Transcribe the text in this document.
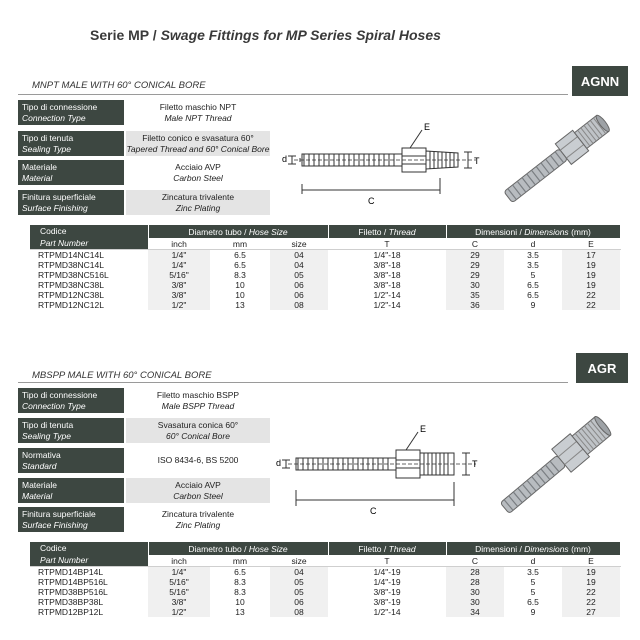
Serie MP / Swage Fittings for MP Series Spiral Hoses
MNPT MALE WITH 60° CONICAL BORE	AGNN
Tipo di connessione
Connection Type
Filetto maschio NPT
Male NPT Thread
Tipo di tenuta
Sealing Type
Filetto conico e svasatura 60°
Tapered Thread and 60° Conical Bore
Materiale
Material
Acciaio AVP
Carbon Steel
Finitura superficiale
Surface Finishing
Zincatura trivalente
Zinc Plating
E
d	T
C
Codice	Diametro tubo / Hose Size			Filetto / Thread	Dimensioni / Dimensions (mm)		
Part Number	inch	mm	size	T	C	d	E
RTPMD14NC14L	1/4"	6.5	04	1/4"-18	29	3.5	17
RTPMD38NC14L	1/4"	6.5	04	3/8"-18	29	3.5	19
RTPMD38NC516L	5/16"	8.3	05	3/8"-18	29	5	19
RTPMD38NC38L	3/8"	10	06	3/8"-18	30	6.5	19
RTPMD12NC38L	3/8"	10	06	1/2"-14	35	6.5	22
RTPMD12NC12L	1/2"	13	08	1/2"-14	36	9	22
MBSPP MALE WITH 60° CONICAL BORE	AGR
Tipo di connessione
Connection Type
Filetto maschio BSPP
Male BSPP Thread
Tipo di tenuta
Sealing Type
Svasatura conica 60°
60° Conical Bore
Normativa
Standard
ISO 8434-6, BS 5200
Materiale
Material
Acciaio AVP
Carbon Steel
Finitura superficiale
Surface Finishing
Zincatura trivalente
Zinc Plating
E
d	T
C
Codice	Diametro tubo / Hose Size			Filetto / Thread	Dimensioni / Dimensions (mm)		
Part Number	inch	mm	size	T	C	d	E
RTPMD14BP14L	1/4"	6.5	04	1/4"-19	28	3.5	19
RTPMD14BP516L	5/16"	8.3	05	1/4"-19	28	5	19
RTPMD38BP516L	5/16"	8.3	05	3/8"-19	30	5	22
RTPMD38BP38L	3/8"	10	06	3/8"-19	30	6.5	22
RTPMD12BP12L	1/2"	13	08	1/2"-14	34	9	27
